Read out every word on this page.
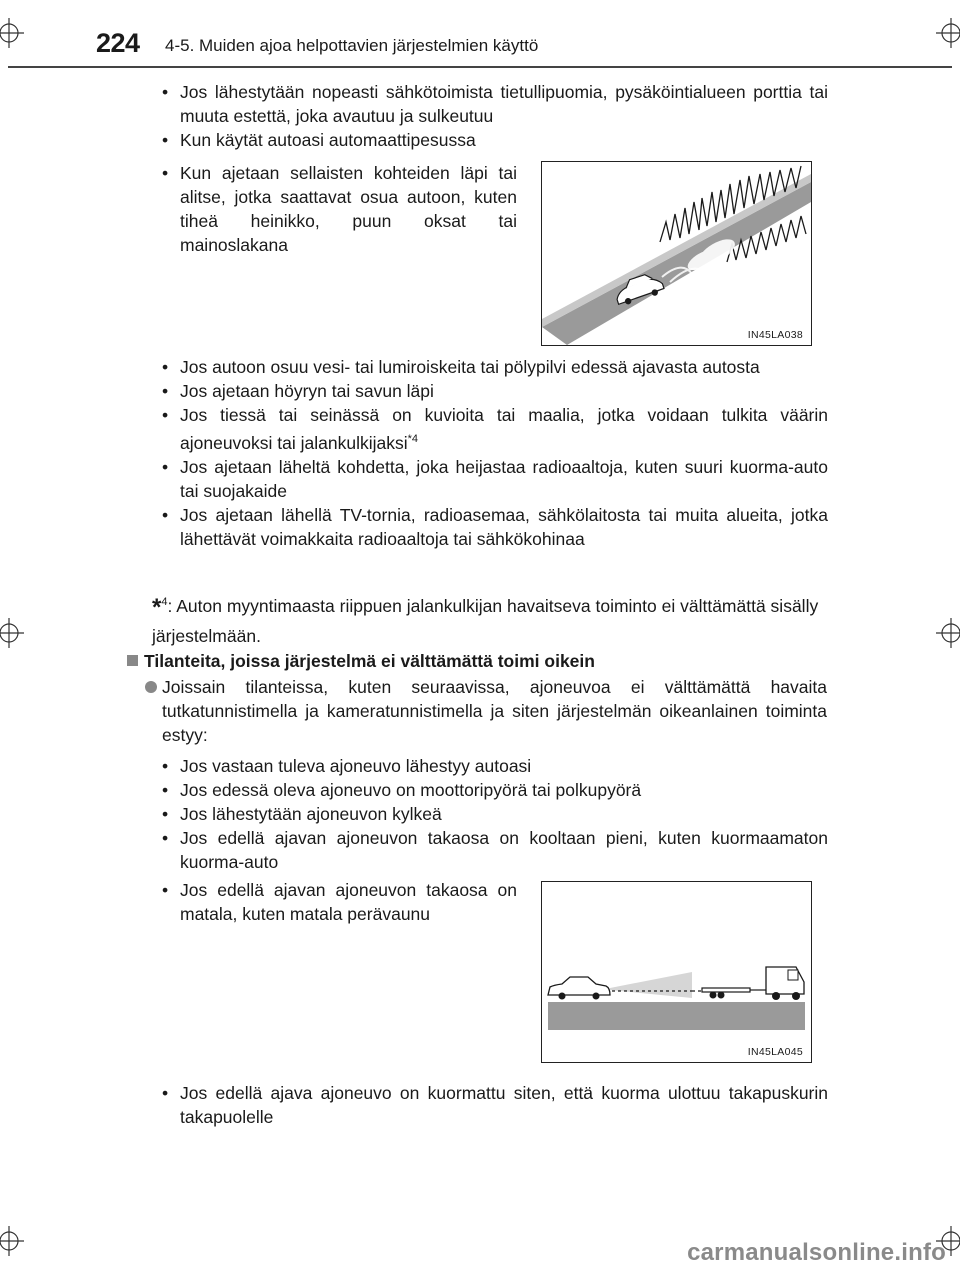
224 4-5. Muiden ajoa helpottavien järjestelmien käyttö
• Jos lähestytään nopeasti sähkötoimista tietullipuomia, pysäköintialueen porttia tai muuta estettä, joka avautuu ja sulkeutuu
• Kun käytät autoasi automaattipesussa
• Kun ajetaan sellaisten kohteiden läpi tai alitse, jotka saattavat osua autoon, kuten tiheä heinikko, puun oksat tai mainoslakana
IN45LA038
• Jos autoon osuu vesi- tai lumiroiskeita tai pölypilvi edessä ajavasta autosta
• Jos ajetaan höyryn tai savun läpi
• Jos tiessä tai seinässä on kuvioita tai maalia, jotka voidaan tulkita väärin ajoneuvoksi tai jalankulkijaksi$^{*4}$
• Jos ajetaan läheltä kohdetta, joka heijastaa radioaaltoja, kuten suuri kuorma-auto tai suojakaide
• Jos ajetaan lähellä TV-tornia, radioasemaa, sähkölaitosta tai muita alueita, jotka lähettävät voimakkaita radioaaltoja tai sähkökohinaa
*$^4$: Auton myyntimaasta riippuen jalankulkijan havaitseva toiminto ei välttämättä sisälly järjestelmään.
Tilanteita, joissa järjestelmä ei välttämättä toimi oikein
Joissain tilanteissa, kuten seuraavissa, ajoneuvoa ei välttämättä havaita tutkatunnistimella ja kameratunnistimella ja siten järjestelmän oikeanlainen toiminta estyy:
• Jos vastaan tuleva ajoneuvo lähestyy autoasi
• Jos edessä oleva ajoneuvo on moottoripyörä tai polkupyörä
• Jos lähestytään ajoneuvon kylkeä
• Jos edellä ajavan ajoneuvon takaosa on kooltaan pieni, kuten kuormaamaton kuorma-auto
• Jos edellä ajavan ajoneuvon takaosa on matala, kuten matala perävaunu
IN45LA045
• Jos edellä ajava ajoneuvo on kuormattu siten, että kuorma ulottuu takapuskurin takapuolelle
carmanualsonline.info
